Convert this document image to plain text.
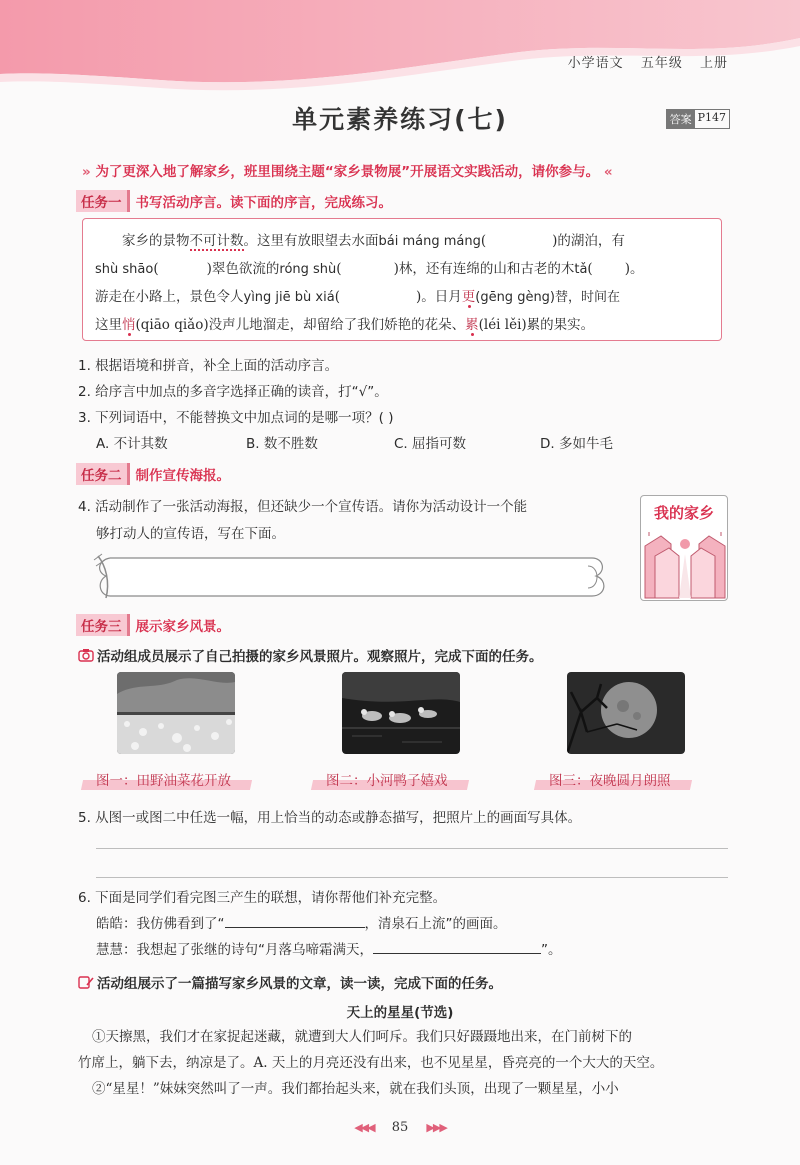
小学语文 五年级 上册
单元素养练习(七)	答案 P147
» 为了更深入地了解家乡，班里围绕主题“家乡景物展”开展语文实践活动，请你参与。 «
任务一	书写活动序言。读下面的序言，完成练习。
家乡的景物不可计数。这里有放眼望去水面bái máng máng(	)的湖泊，有
shù shāo(	)翠色欲流的róng shù(	)林，还有连绵的山和古老的木tǎ( )。
游走在小路上，景色令人yìng jiē bù xiá(	)。日月更(gēng gèng)替，时间在
这里悄(qiāo qiǎo)没声儿地溜走，却留给了我们娇艳的花朵、累(léi lěi)累的果实。
1. 根据语境和拼音，补全上面的活动序言。
2. 给序言中加点的多音字选择正确的读音，打“√”。
3. 下列词语中，不能替换文中加点词的是哪一项？( )
A. 不计其数	B. 数不胜数	C. 屈指可数	D. 多如牛毛
任务二	制作宣传海报。
4. 活动制作了一张活动海报，但还缺少一个宣传语。请你为活动设计一个能
够打动人的宣传语，写在下面。
我的家乡
任务三	展示家乡风景。
活动组成员展示了自己拍摄的家乡风景照片。观察照片，完成下面的任务。
图一：田野油菜花开放	图二：小河鸭子嬉戏	图三：夜晚圆月朗照
5. 从图一或图二中任选一幅，用上恰当的动态或静态描写，把照片上的画面写具体。
6. 下面是同学们看完图三产生的联想，请你帮他们补充完整。
皓皓：我仿佛看到了“	，清泉石上流”的画面。
慧慧：我想起了张继的诗句“月落乌啼霜满天，	”。
活动组展示了一篇描写家乡风景的文章，读一读，完成下面的任务。
天上的星星(节选)

①天擦黑，我们才在家捉起迷藏，就遭到大人们呵斥。我们只好蹑蹑地出来，在门前树下的

竹席上，躺下去，纳凉是了。A. 天上的月亮还没有出来，也不见星星，昏亮亮的一个大大的天空。

②“星星！”妹妹突然叫了一声。我们都抬起头来，就在我们头顶，出现了一颗星星，小小

◀◀◀ 85 ▶▶▶
